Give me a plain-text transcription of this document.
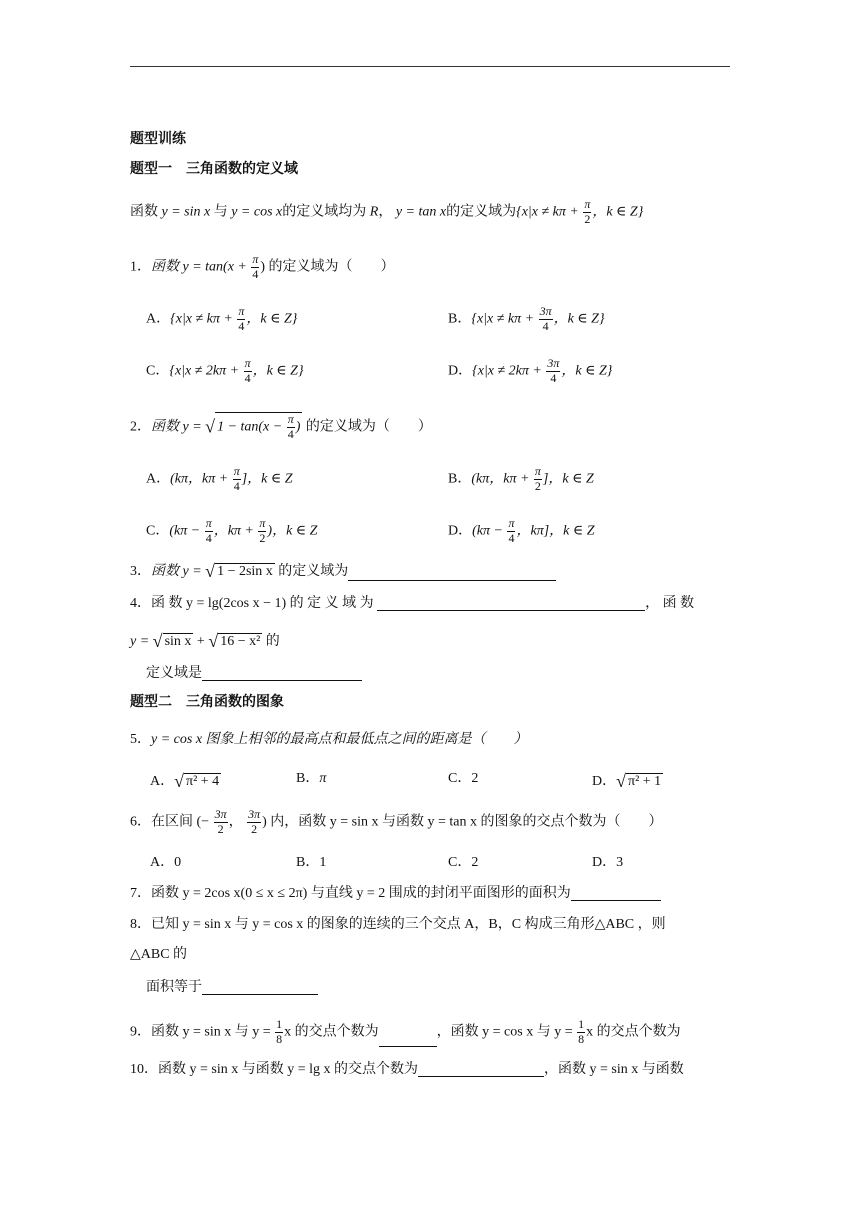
题型训练
题型一　三角函数的定义域
函数 y = sin x 与 y = cos x的定义域均为 R， y = tan x的定义域为{$x|x \ne k\pi + \frac{\pi}{2}$ ，k ∈ Z}
1．函数 $y = \tan(x + \frac{\pi}{4}$ ) 的定义域为（　　）
A．{$x|x \ne k\pi + \frac{\pi}{4}$ ，k ∈ Z}	B．{$x|x \ne k\pi + \frac{3\pi}{4}$ ，k ∈ Z}
C．{$x|x \ne 2k\pi + \frac{\pi}{4}$ ，k ∈ Z}	D．{$x|x \ne 2k\pi + \frac{3\pi}{4}$ ，k ∈ Z}
2．函数 y = √ $1 - \tan(x - \frac{\pi}{4}$ ) 的定义域为（　　）
A．(kπ，$k\pi + \frac{\pi}{4}$ ]，k ∈ Z	B．(kπ，$k\pi + \frac{\pi}{2}$ ]，k ∈ Z
C．($k\pi - \frac{\pi}{4}$ ，$k\pi + \frac{\pi}{2}$ )，k ∈ Z	D．($k\pi - \frac{\pi}{4}$ ，kπ]，k ∈ Z
3．函数 y = √ 1 − 2sin x 的定义域为
4．函 数 y = lg(2cos x − 1) 的 定 义 域 为	， 函 数
y = √ sin x + √ 16 − x² 的
定义域是
题型二　三角函数的图象
5．y = cos x 图象上相邻的最高点和最低点之间的距离是（　　）
A．√ π² + 4	B．π	C．2	D．√ π² + 1
6．在区间 (− $\frac{3\pi}{2}$ ， $\frac{3\pi}{2}$ ) 内，函数 y = sin x 与函数 y = tan x 的图象的交点个数为（　　）
A．0	B．1	C．2	D．3
7．函数 y = 2cos x(0 ≤ x ≤ 2π) 与直线 y = 2 围成的封闭平面图形的面积为
8．已知 y = sin x 与 y = cos x 的图象的连续的三个交点 A，B，C 构成三角形△ABC ，则
△ABC 的
面积等于
9．函数 y = sin x 与 $y = \frac{1}{8}$ x 的交点个数为	，函数 y = cos x 与 $y = \frac{1}{8}$ x 的交点个数为
10．函数 y = sin x 与函数 y = lg x 的交点个数为	，函数 y = sin x 与函数
